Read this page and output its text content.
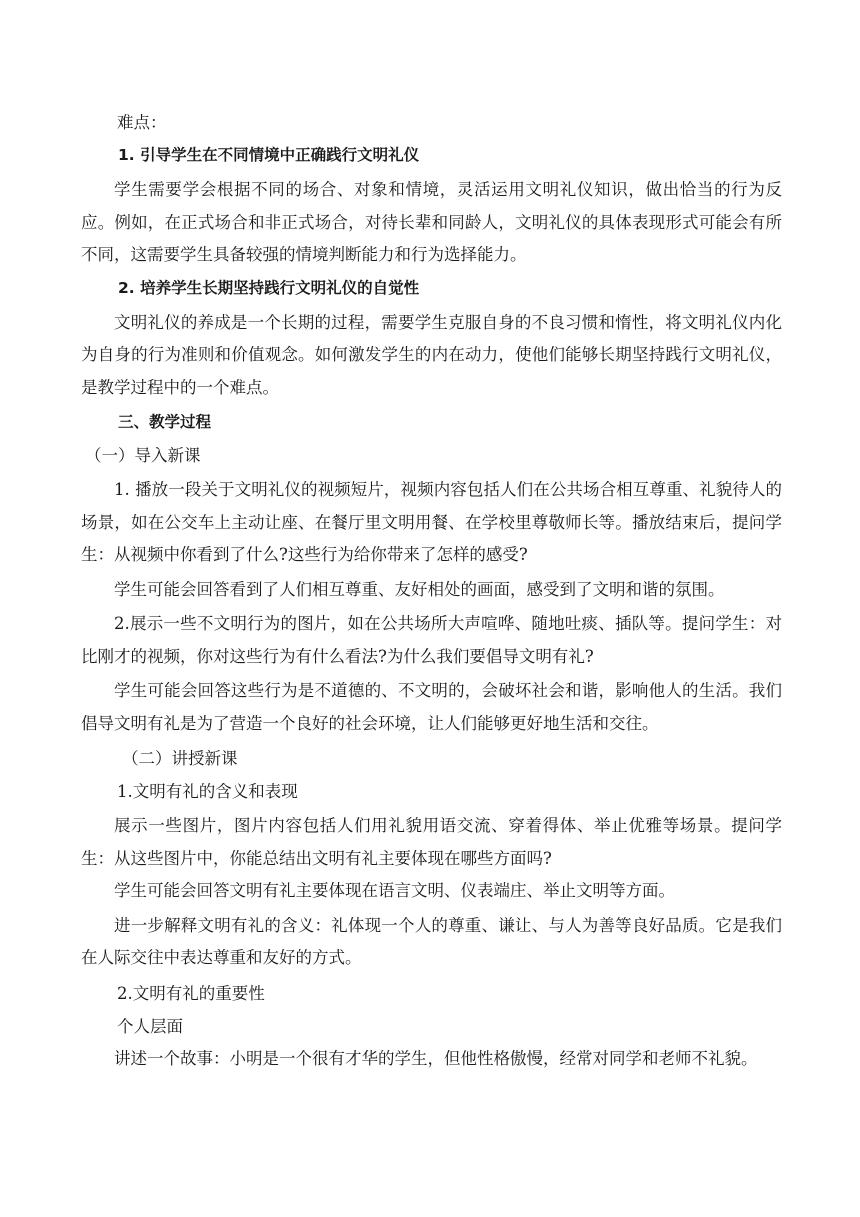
难点：
1. 引导学生在不同情境中正确践行文明礼仪

学生需要学会根据不同的场合、对象和情境，灵活运用文明礼仪知识，做出恰当的行为反应。例如，在正式场合和非正式场合，对待长辈和同龄人，文明礼仪的具体表现形式可能会有所不同，这需要学生具备较强的情境判断能力和行为选择能力。

2. 培养学生长期坚持践行文明礼仪的自觉性

文明礼仪的养成是一个长期的过程，需要学生克服自身的不良习惯和惰性，将文明礼仪内化为自身的行为准则和价值观念。如何激发学生的内在动力，使他们能够长期坚持践行文明礼仪，是教学过程中的一个难点。

三、教学过程
（一）导入新课

1. 播放一段关于文明礼仪的视频短片，视频内容包括人们在公共场合相互尊重、礼貌待人的场景，如在公交车上主动让座、在餐厅里文明用餐、在学校里尊敬师长等。播放结束后，提问学生：从视频中你看到了什么?这些行为给你带来了怎样的感受?

学生可能会回答看到了人们相互尊重、友好相处的画面，感受到了文明和谐的氛围。

2.展示一些不文明行为的图片，如在公共场所大声喧哗、随地吐痰、插队等。提问学生：对比刚才的视频，你对这些行为有什么看法?为什么我们要倡导文明有礼?

学生可能会回答这些行为是不道德的、不文明的，会破坏社会和谐，影响他人的生活。我们倡导文明有礼是为了营造一个良好的社会环境，让人们能够更好地生活和交往。

（二）讲授新课
1.文明有礼的含义和表现

展示一些图片，图片内容包括人们用礼貌用语交流、穿着得体、举止优雅等场景。提问学生：从这些图片中，你能总结出文明有礼主要体现在哪些方面吗?

学生可能会回答文明有礼主要体现在语言文明、仪表端庄、举止文明等方面。

进一步解释文明有礼的含义：礼体现一个人的尊重、谦让、与人为善等良好品质。它是我们在人际交往中表达尊重和友好的方式。

2.文明有礼的重要性
个人层面

讲述一个故事：小明是一个很有才华的学生，但他性格傲慢，经常对同学和老师不礼貌。
